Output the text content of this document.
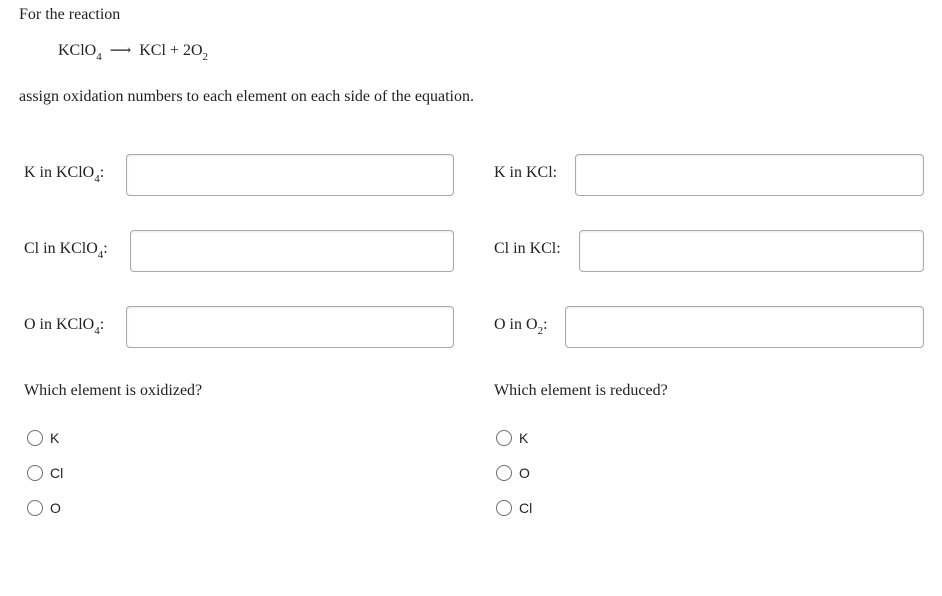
For the reaction
KClO$_4$ ⟶ KCl + $2O_2$
assign oxidation numbers to each element on each side of the equation.
K in KClO$_4$:
Cl in KClO$_4$:
O in KClO$_4$:
K in KCl:
Cl in KCl:
O in $O_2$:
Which element is oxidized?	Which element is reduced?
K
Cl
O
K
O
Cl
